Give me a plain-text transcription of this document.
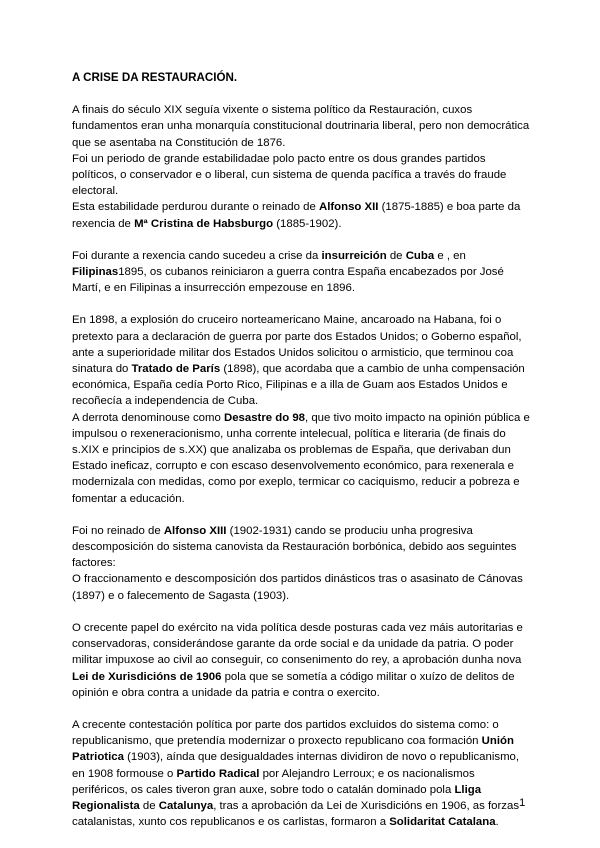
A CRISE DA RESTAURACIÓN.
A finais do século XIX seguía vixente o sistema político da Restauración, cuxos fundamentos eran unha monarquía constitucional doutrinaria liberal, pero non democrática que se asentaba na Constitución de 1876.
Foi un periodo de grande estabilidadae polo pacto entre os dous grandes partidos políticos, o conservador e o liberal, cun sistema de quenda pacífica a través do fraude electoral.
Esta estabilidade perdurou durante o reinado de Alfonso XII (1875-1885) e boa parte da rexencia de Mª Cristina de Habsburgo (1885-1902).
Foi durante a rexencia cando sucedeu a crise da insurreición de Cuba e , en Filipinas1895, os cubanos reiniciaron a guerra contra España encabezados por José Martí, e en Filipinas a insurrección empezouse en 1896.
En 1898, a explosión do cruceiro norteamericano Maine, ancaroado na Habana, foi o pretexto para a declaración de guerra por parte dos Estados Unidos; o Goberno español, ante a superioridade militar dos Estados Unidos solicitou o armisticio, que terminou coa sinatura do Tratado de París (1898), que acordaba que a cambio de unha compensación económica, España cedía Porto Rico, Filipinas e a illa de Guam aos Estados Unidos e recoñecía a independencia de Cuba.
A derrota denominouse como Desastre do 98, que tivo moito impacto na opinión pública e impulsou o rexeneracionismo, unha corrente intelecual, política e literaria (de finais do s.XIX e principios de s.XX) que analizaba os problemas de España, que derivaban dun Estado ineficaz, corrupto e con escaso desenvolvemento económico, para rexenerala e modernizala con medidas, como por exeplo, termicar co caciquismo, reducir a pobreza e fomentar a educación.
Foi no reinado de Alfonso XIII (1902-1931) cando se produciu unha progresiva descomposición do sistema canovista da Restauración borbónica, debido aos seguintes factores:
O fraccionamento e descomposición dos partidos dinásticos tras o asasinato de Cánovas (1897) e o falecemento de Sagasta (1903).
O crecente papel do exército na vida política desde posturas cada vez máis autoritarias e conservadoras, considerándose garante da orde social e da unidade da patria. O poder militar impuxose ao civil ao conseguir, co consenimento do rey, a aprobación dunha nova Lei de Xurisdicións de 1906 pola que se sometía a código militar o xuízo de delitos de opinión e obra contra a unidade da patria e contra o exercito.
A crecente contestación política por parte dos partidos excluidos do sistema como: o republicanismo, que pretendía modernizar o proxecto republicano coa formación Unión Patriotica (1903), aínda que desigualdades internas dividiron de novo o republicanismo, en 1908 formouse o Partido Radical por Alejandro Lerroux; e os nacionalismos periféricos, os cales tiveron gran auxe, sobre todo o catalán dominado pola Lliga Regionalista de Catalunya, tras a aprobación da Lei de Xurisdicións en 1906, as forzas catalanistas, xunto cos republicanos e os carlistas, formaron a Solidaritat Catalana.
1
